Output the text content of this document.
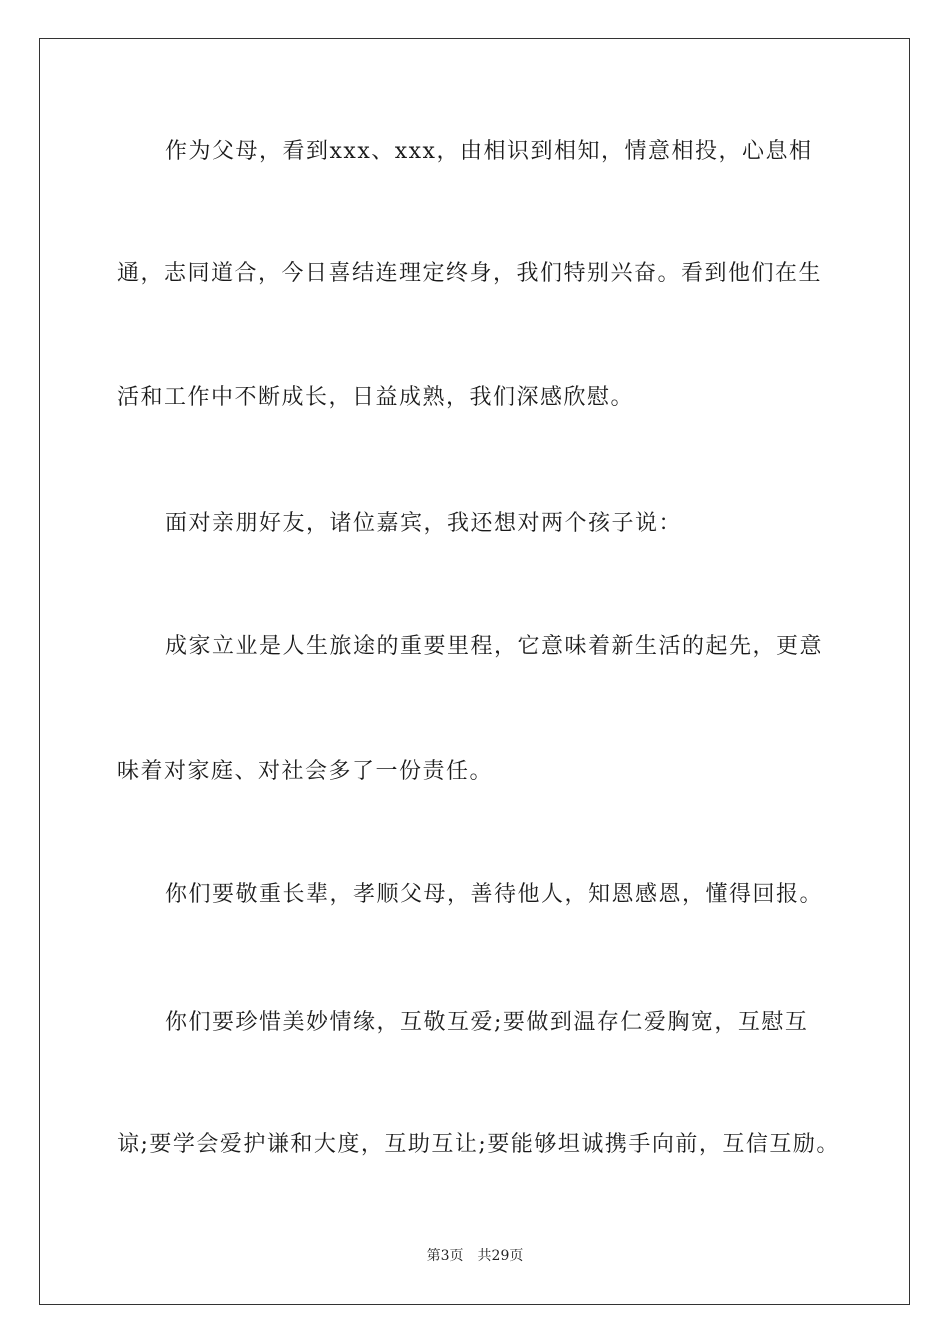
作为父母，看到xxx、xxx，由相识到相知，情意相投，心息相
通，志同道合，今日喜结连理定终身，我们特别兴奋。看到他们在生
活和工作中不断成长，日益成熟，我们深感欣慰。
面对亲朋好友，诸位嘉宾，我还想对两个孩子说：
成家立业是人生旅途的重要里程，它意味着新生活的起先，更意
味着对家庭、对社会多了一份责任。
你们要敬重长辈，孝顺父母，善待他人，知恩感恩，懂得回报。
你们要珍惜美妙情缘，互敬互爱;要做到温存仁爱胸宽，互慰互
谅;要学会爱护谦和大度，互助互让;要能够坦诚携手向前，互信互励。
第3页 共29页
